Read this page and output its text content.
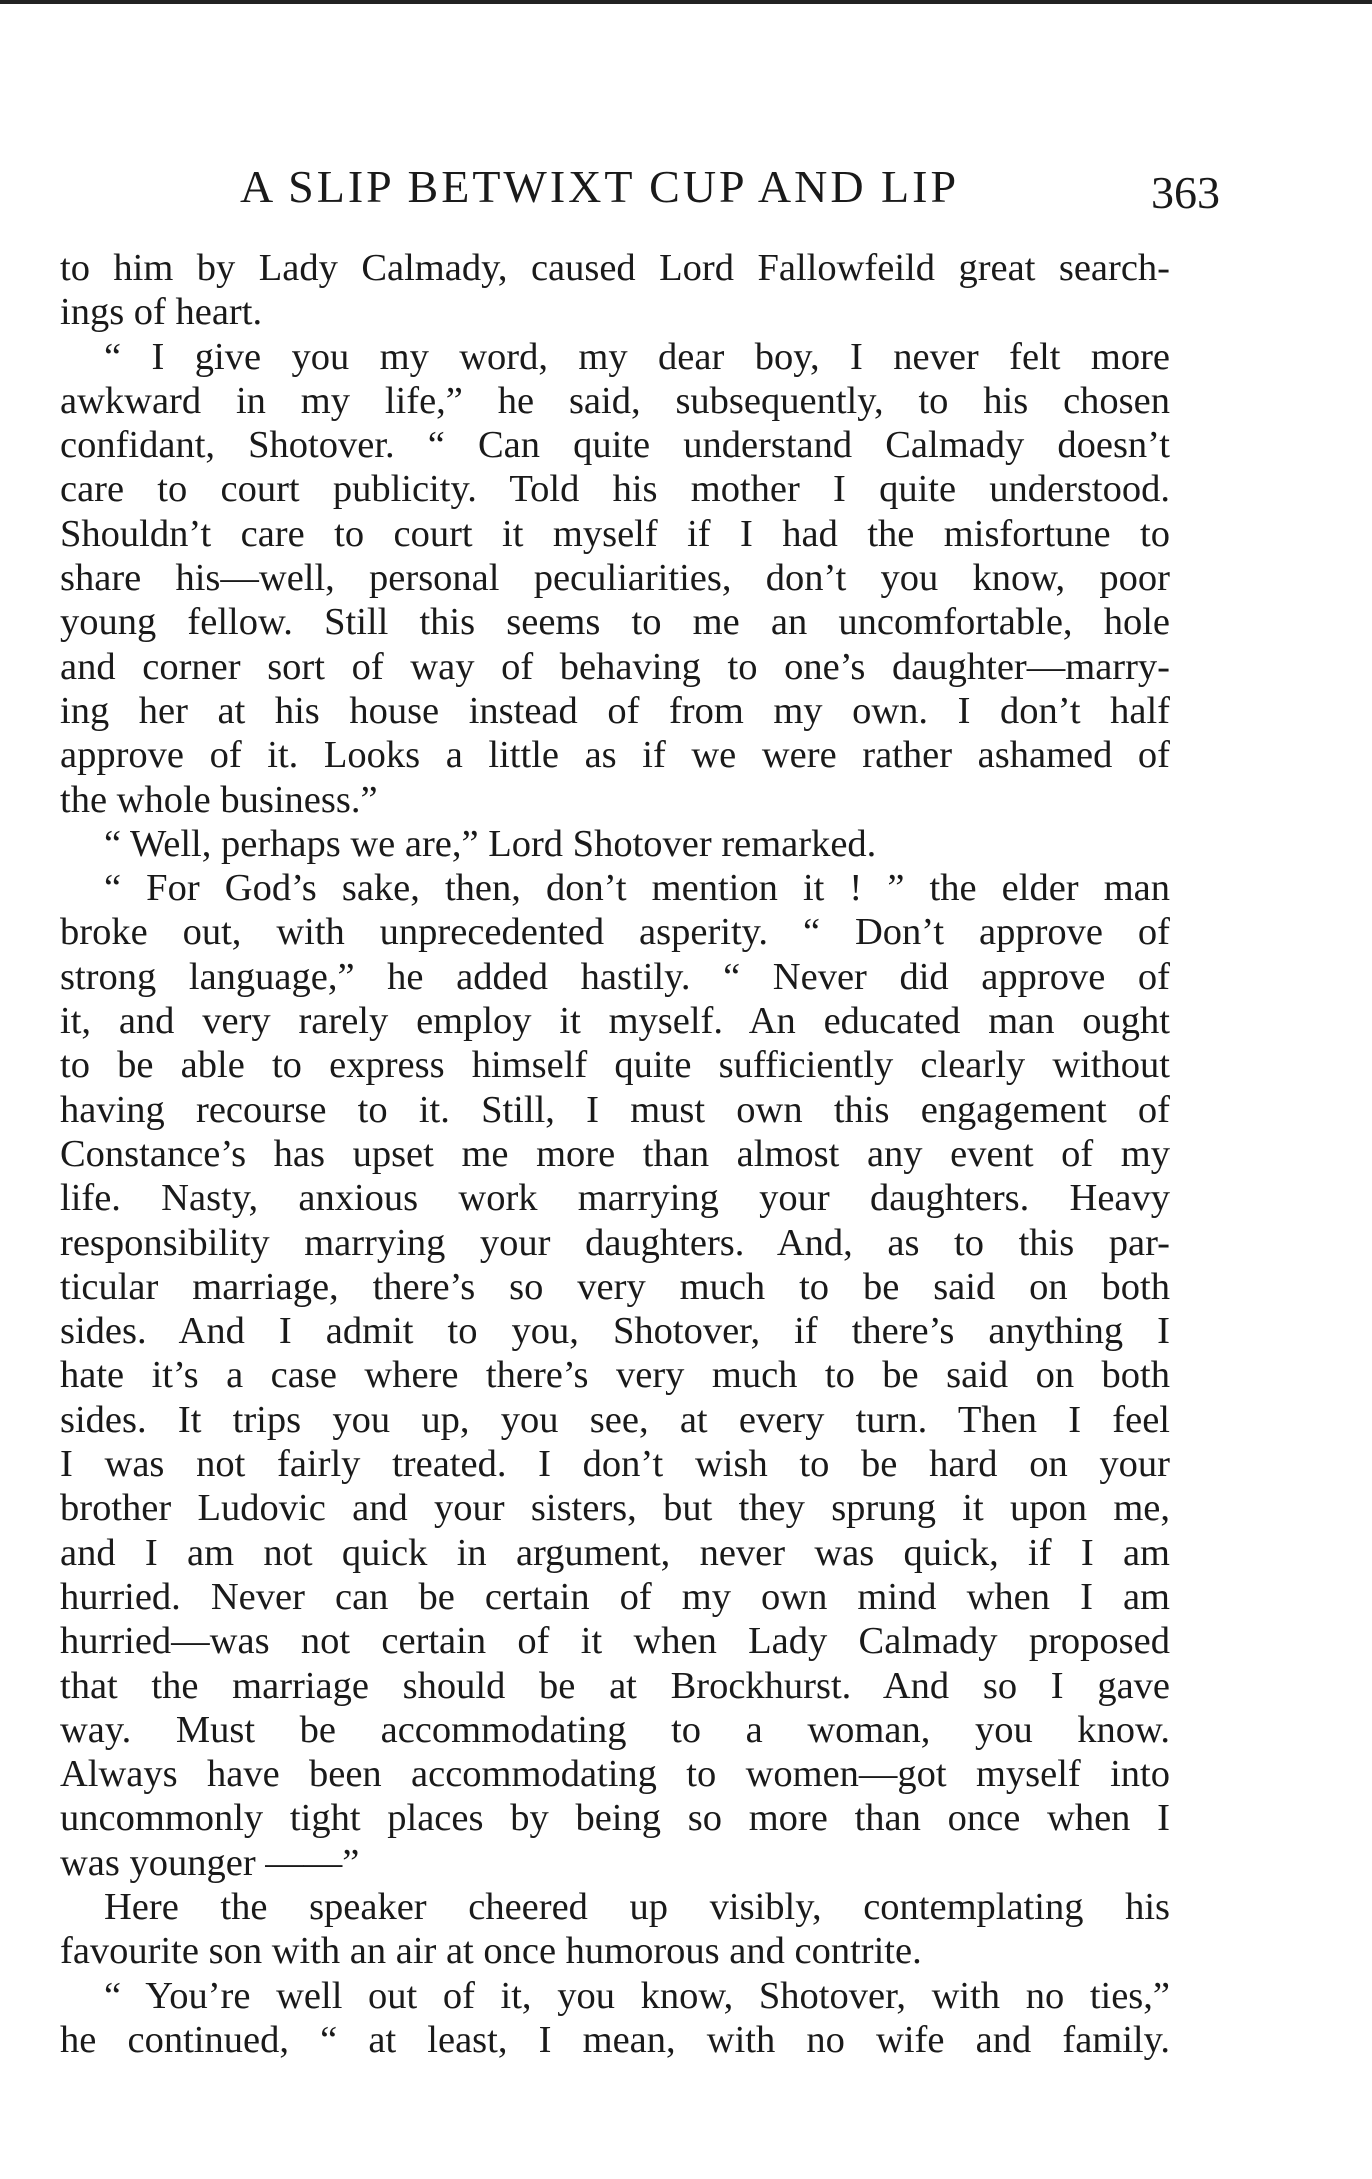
A SLIP BETWIXT CUP AND LIP	363
to him by Lady Calmady, caused Lord Fallowfeild great search-
ings of heart.
“ I give you my word, my dear boy, I never felt more
awkward in my life,” he said, subsequently, to his chosen
confidant, Shotover. “ Can quite understand Calmady doesn’t
care to court publicity. Told his mother I quite understood.
Shouldn’t care to court it myself if I had the misfortune to
share his—well, personal peculiarities, don’t you know, poor
young fellow. Still this seems to me an uncomfortable, hole
and corner sort of way of behaving to one’s daughter—marry-
ing her at his house instead of from my own. I don’t half
approve of it. Looks a little as if we were rather ashamed of
the whole business.”
“ Well, perhaps we are,” Lord Shotover remarked.
“ For God’s sake, then, don’t mention it ! ” the elder man
broke out, with unprecedented asperity. “ Don’t approve of
strong language,” he added hastily. “ Never did approve of
it, and very rarely employ it myself. An educated man ought
to be able to express himself quite sufficiently clearly without
having recourse to it. Still, I must own this engagement of
Constance’s has upset me more than almost any event of my
life. Nasty, anxious work marrying your daughters. Heavy
responsibility marrying your daughters. And, as to this par-
ticular marriage, there’s so very much to be said on both
sides. And I admit to you, Shotover, if there’s anything I
hate it’s a case where there’s very much to be said on both
sides. It trips you up, you see, at every turn. Then I feel
I was not fairly treated. I don’t wish to be hard on your
brother Ludovic and your sisters, but they sprung it upon me,
and I am not quick in argument, never was quick, if I am
hurried. Never can be certain of my own mind when I am
hurried—was not certain of it when Lady Calmady proposed
that the marriage should be at Brockhurst. And so I gave
way. Must be accommodating to a woman, you know.
Always have been accommodating to women—got myself into
uncommonly tight places by being so more than once when I
was younger ——”
Here the speaker cheered up visibly, contemplating his
favourite son with an air at once humorous and contrite.
“ You’re well out of it, you know, Shotover, with no ties,”
he continued, “ at least, I mean, with no wife and family.
